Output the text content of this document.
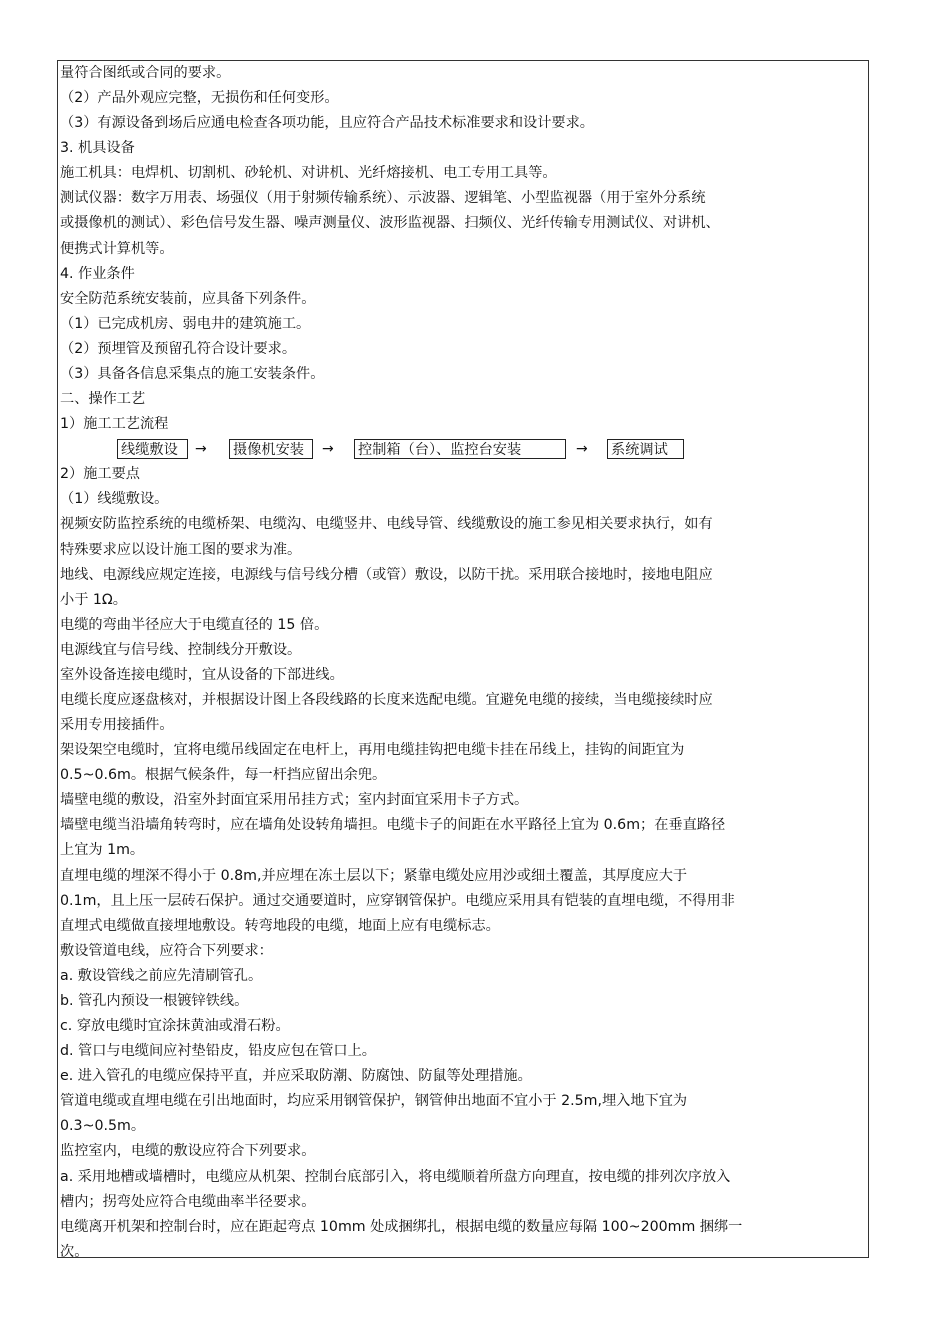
量符合图纸或合同的要求。
（2）产品外观应完整，无损伤和任何变形。
（3）有源设备到场后应通电检查各项功能，且应符合产品技术标准要求和设计要求。
3. 机具设备
施工机具：电焊机、切割机、砂轮机、对讲机、光纤熔接机、电工专用工具等。
测试仪器：数字万用表、场强仪（用于射频传输系统）、示波器、逻辑笔、小型监视器（用于室外分系统
或摄像机的测试）、彩色信号发生器、噪声测量仪、波形监视器、扫频仪、光纤传输专用测试仪、对讲机、
便携式计算机等。
4. 作业条件
安全防范系统安装前，应具备下列条件。
（1）已完成机房、弱电井的建筑施工。
（2）预埋管及预留孔符合设计要求。
（3）具备各信息采集点的施工安装条件。
二、操作工艺
1）施工工艺流程
2）施工要点
（1）线缆敷设。
视频安防监控系统的电缆桥架、电缆沟、电缆竖井、电线导管、线缆敷设的施工参见相关要求执行，如有
特殊要求应以设计施工图的要求为准。
地线、电源线应规定连接，电源线与信号线分槽（或管）敷设，以防干扰。采用联合接地时，接地电阻应
小于 1Ω。
电缆的弯曲半径应大于电缆直径的 15 倍。
电源线宜与信号线、控制线分开敷设。
室外设备连接电缆时，宜从设备的下部进线。
电缆长度应逐盘核对，并根据设计图上各段线路的长度来选配电缆。宜避免电缆的接续，当电缆接续时应
采用专用接插件。
架设架空电缆时，宜将电缆吊线固定在电杆上，再用电缆挂钩把电缆卡挂在吊线上，挂钩的间距宜为
0.5~0.6m。根据气候条件，每一杆挡应留出余兜。
墙壁电缆的敷设，沿室外封面宜采用吊挂方式；室内封面宜采用卡子方式。
墙壁电缆当沿墙角转弯时，应在墙角处设转角墙担。电缆卡子的间距在水平路径上宜为 0.6m；在垂直路径
上宜为 1m。
直埋电缆的埋深不得小于 0.8m,并应埋在冻土层以下；紧靠电缆处应用沙或细土覆盖，其厚度应大于
0.1m，且上压一层砖石保护。通过交通要道时，应穿钢管保护。电缆应采用具有铠装的直埋电缆，不得用非
直埋式电缆做直接埋地敷设。转弯地段的电缆，地面上应有电缆标志。
敷设管道电线，应符合下列要求：
a. 敷设管线之前应先清刷管孔。
b. 管孔内预设一根镀锌铁线。
c. 穿放电缆时宜涂抹黄油或滑石粉。
d. 管口与电缆间应衬垫铅皮，铅皮应包在管口上。
e. 进入管孔的电缆应保持平直，并应采取防潮、防腐蚀、防鼠等处理措施。
管道电缆或直埋电缆在引出地面时，均应采用钢管保护，钢管伸出地面不宜小于 2.5m,埋入地下宜为
0.3~0.5m。
监控室内，电缆的敷设应符合下列要求。
a. 采用地槽或墙槽时，电缆应从机架、控制台底部引入，将电缆顺着所盘方向理直，按电缆的排列次序放入
槽内；拐弯处应符合电缆曲率半径要求。
电缆离开机架和控制台时，应在距起弯点 10mm 处成捆绑扎，根据电缆的数量应每隔 100~200mm 捆绑一
次。
线缆敷设	→ 摄像机安装	→ 控制箱（台）、监控台安装	→ 系统调试
